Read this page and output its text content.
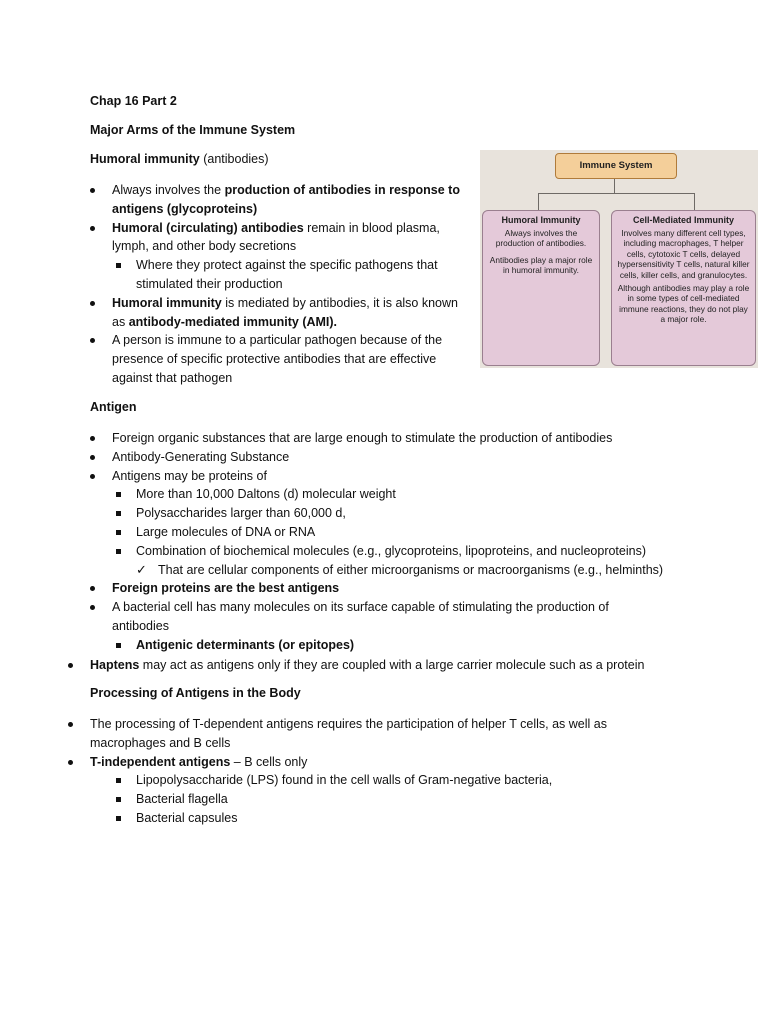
Chap 16 Part 2
Major Arms of the Immune System
Humoral immunity (antibodies)
Always involves the production of antibodies in response to antigens (glycoproteins)
Humoral (circulating) antibodies remain in blood plasma, lymph, and other body secretions
Where they protect against the specific pathogens that stimulated their production
Humoral immunity is mediated by antibodies, it is also known as antibody-mediated immunity (AMI).
A person is immune to a particular pathogen because of the presence of specific protective antibodies that are effective against that pathogen
Immune System
Humoral Immunity

Always involves the production of antibodies.

Antibodies play a major role in humoral immunity.

Cell-Mediated Immunity

Involves many different cell types, including macrophages, T helper cells, cytotoxic T cells, delayed hypersensitivity T cells, natural killer cells, killer cells, and granulocytes.

Although antibodies may play a role in some types of cell-mediated immune reactions, they do not play a major role.

Antigen
Foreign organic substances that are large enough to stimulate the production of antibodies
Antibody-Generating Substance
Antigens may be proteins of
More than 10,000 Daltons (d) molecular weight
Polysaccharides larger than 60,000 d,
Large molecules of DNA or RNA
Combination of biochemical molecules (e.g., glycoproteins, lipoproteins, and nucleoproteins)
✓ That are cellular components of either microorganisms or macroorganisms (e.g., helminths)
Foreign proteins are the best antigens
A bacterial cell has many molecules on its surface capable of stimulating the production of antibodies
Antigenic determinants (or epitopes)
Haptens may act as antigens only if they are coupled with a large carrier molecule such as a protein
Processing of Antigens in the Body
The processing of T-dependent antigens requires the participation of helper T cells, as well as macrophages and B cells
T-independent antigens – B cells only
Lipopolysaccharide (LPS) found in the cell walls of Gram-negative bacteria,
Bacterial flagella
Bacterial capsules
